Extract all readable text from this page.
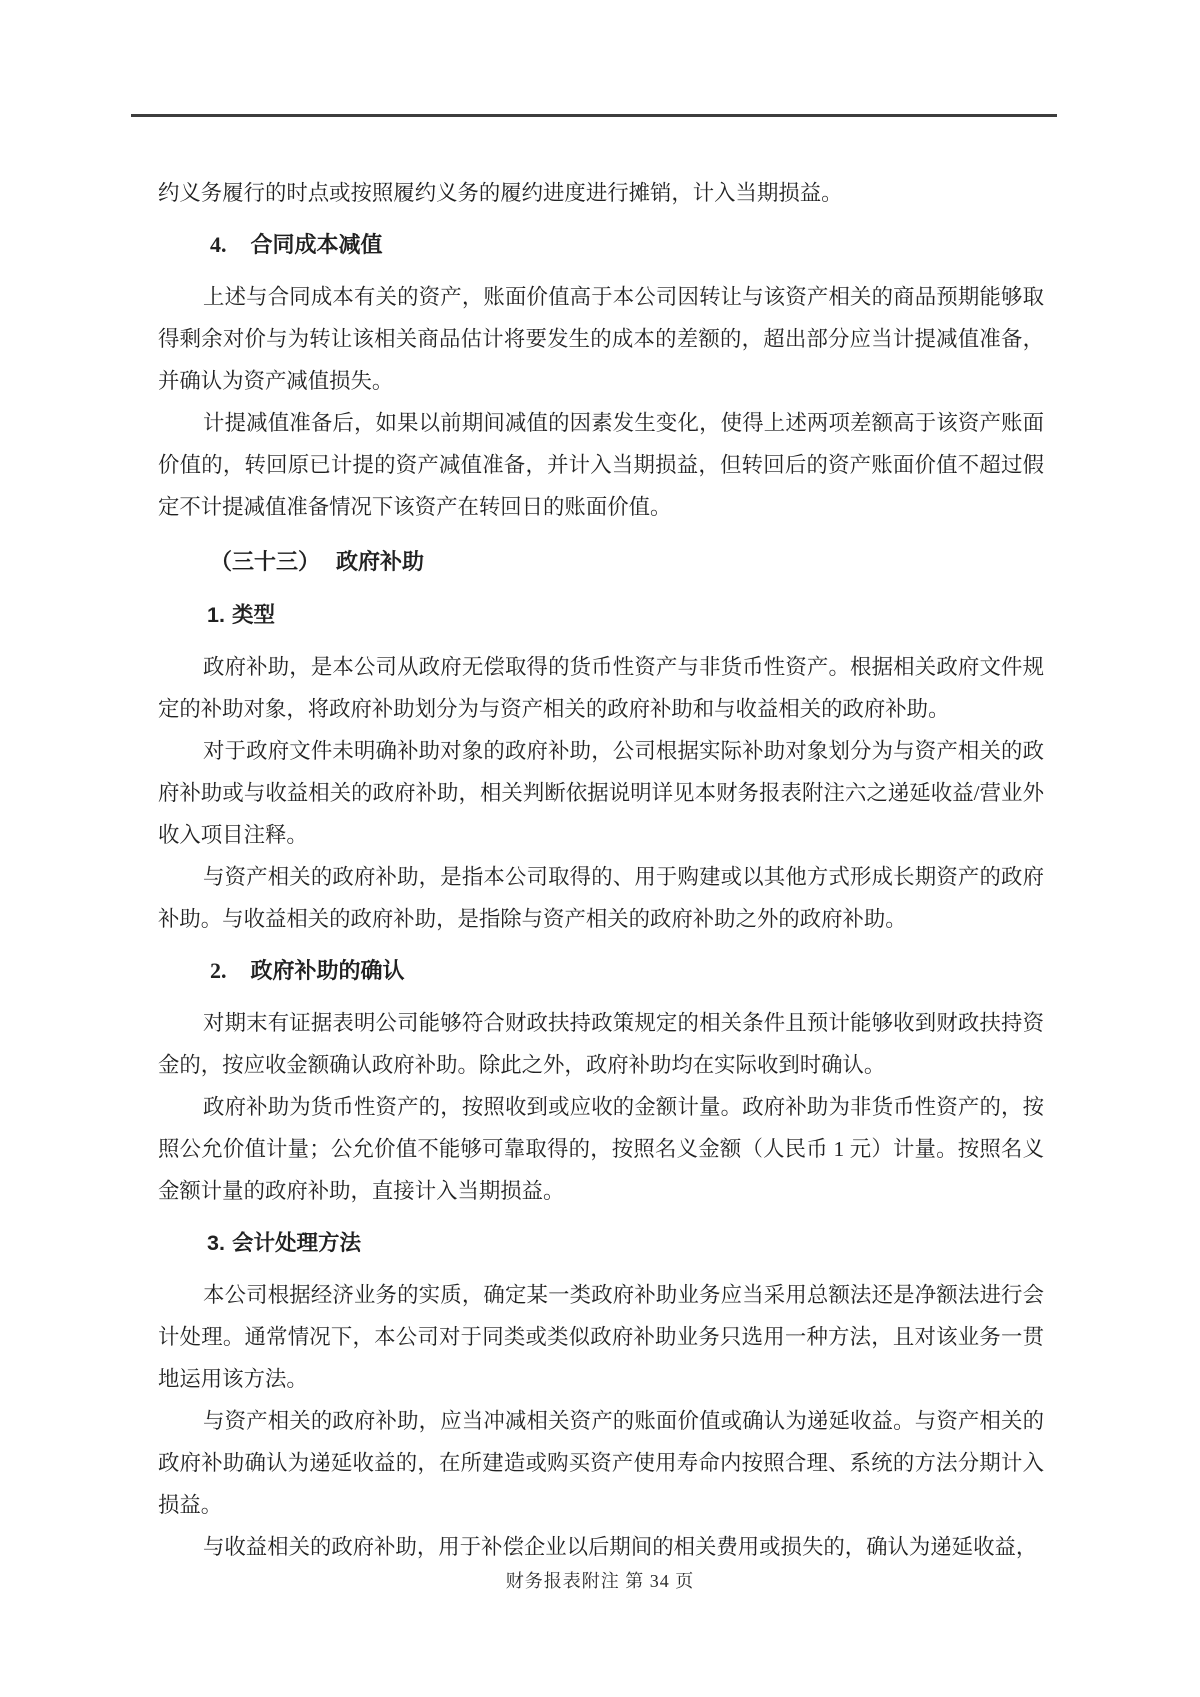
约义务履行的时点或按照履约义务的履约进度进行摊销，计入当期损益。

4. 合同成本减值

上述与合同成本有关的资产，账面价值高于本公司因转让与该资产相关的商品预期能够取得剩余对价与为转让该相关商品估计将要发生的成本的差额的，超出部分应当计提减值准备，并确认为资产减值损失。

计提减值准备后，如果以前期间减值的因素发生变化，使得上述两项差额高于该资产账面价值的，转回原已计提的资产减值准备，并计入当期损益，但转回后的资产账面价值不超过假定不计提减值准备情况下该资产在转回日的账面价值。

（三十三） 政府补助
1. 类型

政府补助，是本公司从政府无偿取得的货币性资产与非货币性资产。根据相关政府文件规定的补助对象，将政府补助划分为与资产相关的政府补助和与收益相关的政府补助。

对于政府文件未明确补助对象的政府补助，公司根据实际补助对象划分为与资产相关的政府补助或与收益相关的政府补助，相关判断依据说明详见本财务报表附注六之递延收益/营业外收入项目注释。

与资产相关的政府补助，是指本公司取得的、用于购建或以其他方式形成长期资产的政府补助。与收益相关的政府补助，是指除与资产相关的政府补助之外的政府补助。

2. 政府补助的确认

对期末有证据表明公司能够符合财政扶持政策规定的相关条件且预计能够收到财政扶持资金的，按应收金额确认政府补助。除此之外，政府补助均在实际收到时确认。

政府补助为货币性资产的，按照收到或应收的金额计量。政府补助为非货币性资产的，按照公允价值计量；公允价值不能够可靠取得的，按照名义金额（人民币 1 元）计量。按照名义金额计量的政府补助，直接计入当期损益。

3. 会计处理方法

本公司根据经济业务的实质，确定某一类政府补助业务应当采用总额法还是净额法进行会计处理。通常情况下，本公司对于同类或类似政府补助业务只选用一种方法，且对该业务一贯地运用该方法。

与资产相关的政府补助，应当冲减相关资产的账面价值或确认为递延收益。与资产相关的政府补助确认为递延收益的，在所建造或购买资产使用寿命内按照合理、系统的方法分期计入损益。

与收益相关的政府补助，用于补偿企业以后期间的相关费用或损失的，确认为递延收益，

财务报表附注 第 34 页
